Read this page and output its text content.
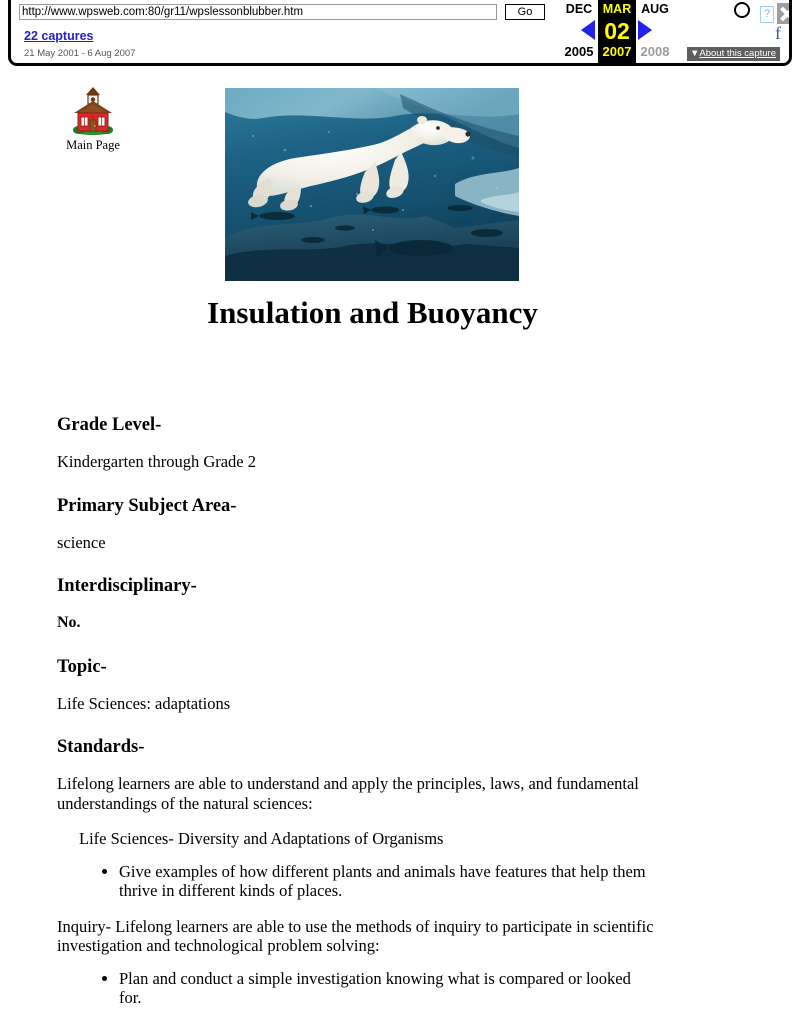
http://www.wpsweb.com:80/gr11/wpslessonblubber.htm
Go
22 captures
21 May 2001 - 6 Aug 2007
DEC
2005
MAR
02
2007
AUG
2008
?
f
▼About this capture
K
Main Page
Insulation and Buoyancy
Grade Level-

Kindergarten through Grade 2

Primary Subject Area-

science

Interdisciplinary-

No.

Topic-

Life Sciences: adaptations

Standards-

Lifelong learners are able to understand and apply the principles, laws, and fundamental understandings of the natural sciences:

Life Sciences- Diversity and Adaptations of Organisms

• Give examples of how different plants and animals have features that help them thrive in different kinds of places.

Inquiry- Lifelong learners are able to use the methods of inquiry to participate in scientific investigation and technological problem solving:

• Plan and conduct a simple investigation knowing what is compared or looked for.
